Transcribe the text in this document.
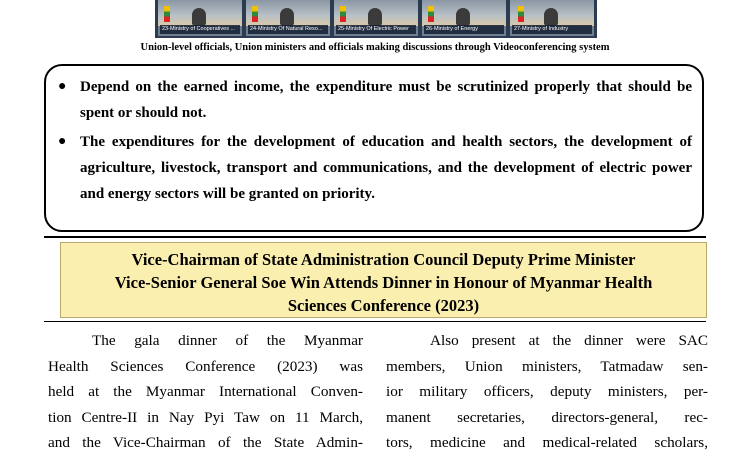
23-Ministry of Cooperatives ...	24-Ministry Of Natural Reso...	25-Ministry Of Electric Power	26-Ministry of Energy	27-Ministry of Industry
Union-level officials, Union ministers and officials making discussions through Videoconferencing system
● Depend on the earned income, the expenditure must be scrutinized properly that should be spent or should not.
● The expenditures for the development of education and health sectors, the development of agriculture, livestock, transport and communications, and the development of electric power and energy sectors will be granted on priority.
Vice-Chairman of State Administration Council Deputy Prime Minister
Vice-Senior General Soe Win Attends Dinner in Honour of Myanmar Health
Sciences Conference (2023)
The gala dinner of the Myanmar
Health Sciences Conference (2023) was
held at the Myanmar International Conven-
tion Centre-II in Nay Pyi Taw on 11 March,
and the Vice-Chairman of the State Admin-
Also present at the dinner were SAC
members, Union ministers, Tatmadaw sen-
ior military officers, deputy ministers, per-
manent secretaries, directors-general, rec-
tors, medicine and medical-related scholars,
